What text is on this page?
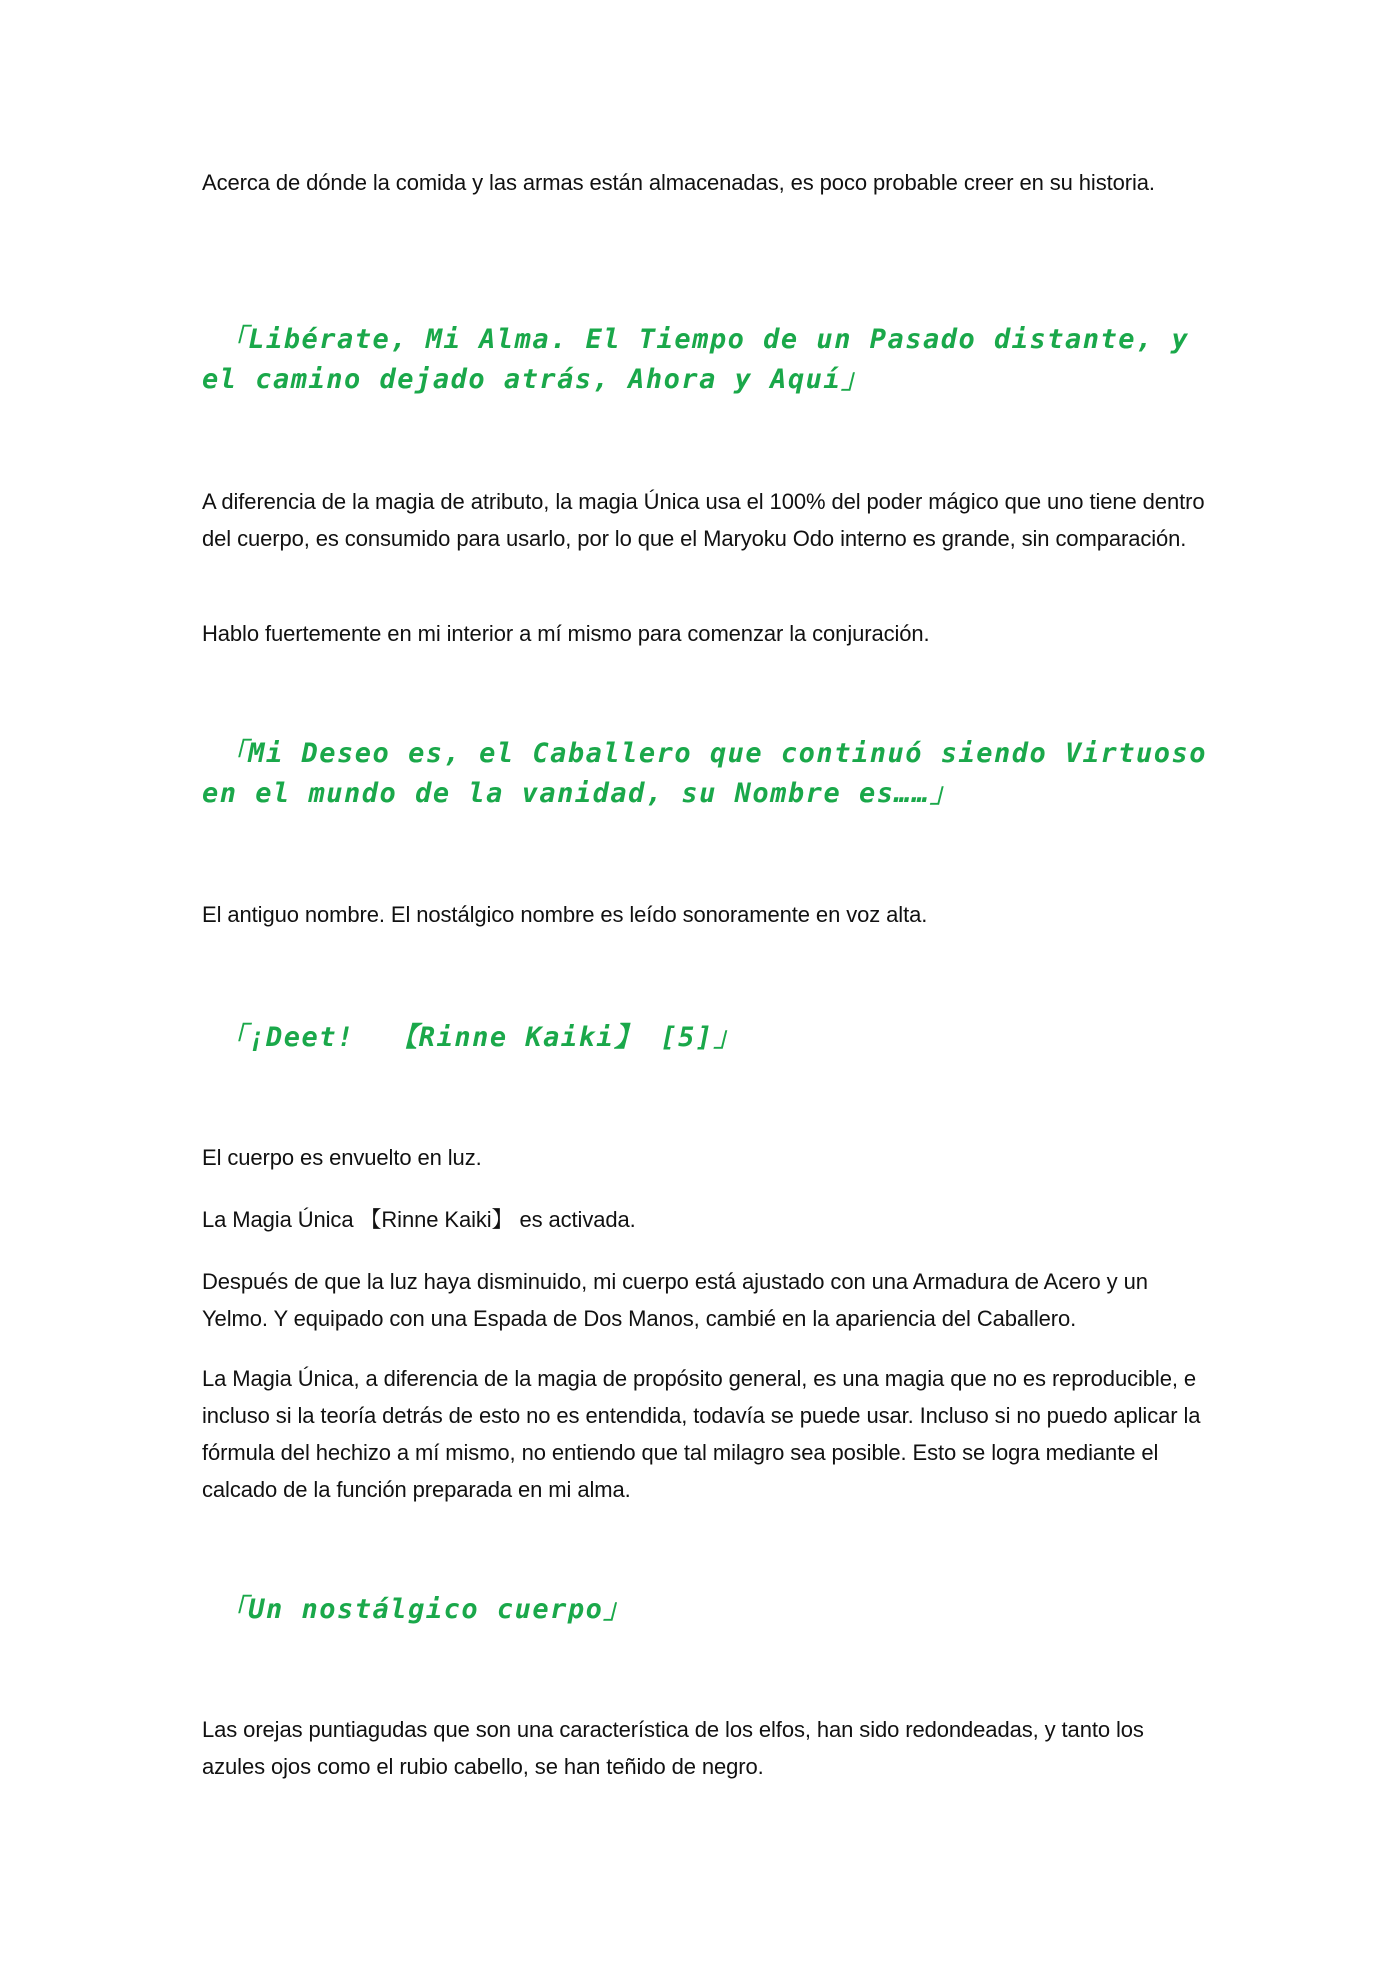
Acerca de dónde la comida y las armas están almacenadas, es poco probable creer en su historia.

「Libérate, Mi Alma. El Tiempo de un Pasado distante, y el camino dejado atrás, Ahora y Aquí」

A diferencia de la magia de atributo, la magia Única usa el 100% del poder mágico que uno tiene dentro del cuerpo, es consumido para usarlo, por lo que el Maryoku Odo interno es grande, sin comparación.

Hablo fuertemente en mi interior a mí mismo para comenzar la conjuración.

「Mi Deseo es, el Caballero que continuó siendo Virtuoso en el mundo de la vanidad, su Nombre es……」

El antiguo nombre. El nostálgico nombre es leído sonoramente en voz alta.

「¡Deet!  【Rinne Kaiki】 [5]」

El cuerpo es envuelto en luz.

La Magia Única 【Rinne Kaiki】 es activada.

Después de que la luz haya disminuido, mi cuerpo está ajustado con una Armadura de Acero y un Yelmo. Y equipado con una Espada de Dos Manos, cambié en la apariencia del Caballero.

La Magia Única, a diferencia de la magia de propósito general, es una magia que no es reproducible, e incluso si la teoría detrás de esto no es entendida, todavía se puede usar. Incluso si no puedo aplicar la fórmula del hechizo a mí mismo, no entiendo que tal milagro sea posible. Esto se logra mediante el calcado de la función preparada en mi alma.

「Un nostálgico cuerpo」

Las orejas puntiagudas que son una característica de los elfos, han sido redondeadas, y tanto los azules ojos como el rubio cabello, se han teñido de negro.
